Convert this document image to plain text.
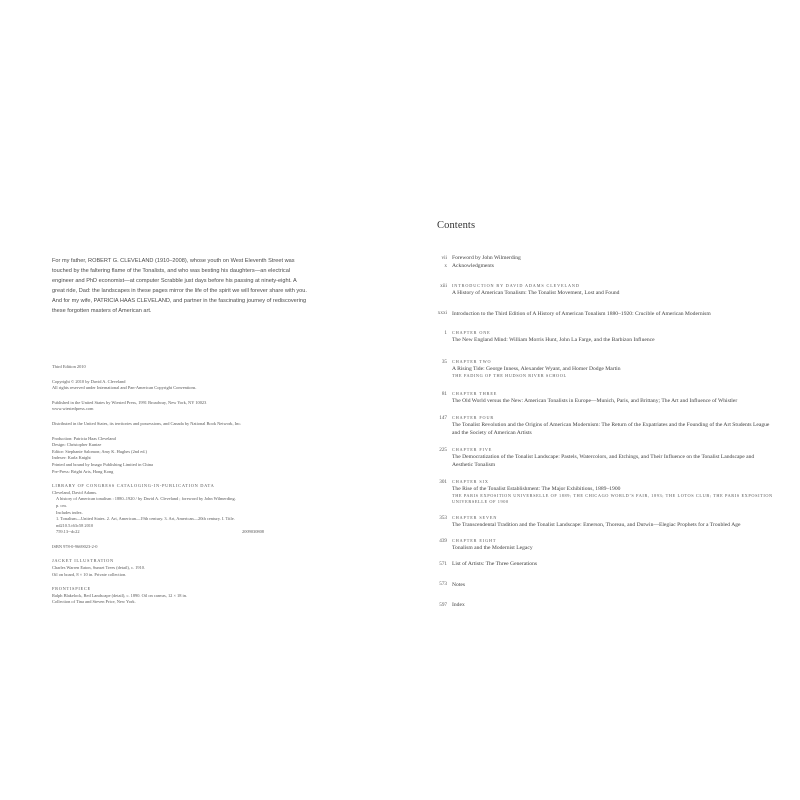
For my father, ROBERT G. CLEVELAND (1910–2008), whose youth on West Eleventh Street was touched by the faltering flame of the Tonalists, and who was besting his daughters—an electrical engineer and PhD economist—at computer Scrabble just days before his passing at ninety-eight. A great ride, Dad: the landscapes in these pages mirror the life of the spirit we will forever share with you. And for my wife, PATRICIA HAAS CLEVELAND, and partner in the fascinating journey of rediscovering these forgotten masters of American art.
Third Edition 2010
Copyright © 2010 by David A. Cleveland
All rights reserved under International and Pan-American Copyright Conventions.
Published in the United States by Wiested Press, 1991 Broadway, New York, NY 10023
www.wiestedpress.com
Distributed in the United States, its territories and possessions, and Canada by National Book Network, Inc.
Production: Patricia Haas Cleveland
Design: Christopher Kuntze
Editor: Stephanie Salomon; Amy K. Hughes (2nd ed.)
Indexer: Karla Knight
Printed and bound by Imago Publishing Limited in China
Pre-Press: Bright Arts, Hong Kong
LIBRARY OF CONGRESS CATALOGING-IN-PUBLICATION DATA
Cleveland, David Adams.
A history of American tonalism : 1880–1920 / by David A. Cleveland ; foreword by John Wilmerding.
p. cm.
Includes index.
1. Tonalism—United States. 2. Art, American—19th century. 3. Art, American—20th century. I. Title.
nd210.5.t63c58 2010
759.13--dc22	2009030808
ISBN 978-0-9669023-2-0
JACKET ILLUSTRATION
Charles Warren Eaton, Sunset Trees (detail), c. 1910.
Oil on board, 8 × 10 in. Private collection.
FRONTISPIECE
Ralph Blakelock, Red Landscape (detail), c. 1890. Oil on canvas, 12 × 18 in.
Collection of Tina and Steven Price, New York.
Contents
vii Foreword by John Wilmerding
x Acknowledgments
xiii INTRODUCTION BY DAVID ADAMS CLEVELAND
A History of American Tonalism: The Tonalist Movement, Lost and Found
xxxi Introduction to the Third Edition of A History of American Tonalism 1880–1920: Crucible of American Modernism
1 CHAPTER ONE
The New England Mind: William Morris Hunt, John La Farge, and the Barbizon Influence
35 CHAPTER TWO
A Rising Tide: George Inness, Alexander Wyant, and Homer Dodge Martin
THE FADING OF THE HUDSON RIVER SCHOOL
81 CHAPTER THREE
The Old World versus the New: American Tonalists in Europe—Munich, Paris, and Brittany; The Art and Influence of Whistler
147 CHAPTER FOUR
The Tonalist Revolution and the Origins of American Modernism: The Return of the Expatriates and the Founding of the Art Students League and the Society of American Artists
225 CHAPTER FIVE
The Democratization of the Tonalist Landscape: Pastels, Watercolors, and Etchings, and Their Influence on the Tonalist Landscape and Aesthetic Tonalism
301 CHAPTER SIX
The Rise of the Tonalist Establishment: The Major Exhibitions, 1889–1900
THE PARIS EXPOSITION UNIVERSELLE OF 1889; THE CHICAGO WORLD’S FAIR, 1893; THE LOTOS CLUB; THE PARIS EXPOSITION UNIVERSELLE OF 1900
353 CHAPTER SEVEN
The Transcendental Tradition and the Tonalist Landscape: Emerson, Thoreau, and Dutwin—Elegiac Prophets for a Troubled Age
439 CHAPTER EIGHT
Tonalism and the Modernist Legacy
571 List of Artists: The Three Generations
573 Notes
597 Index
